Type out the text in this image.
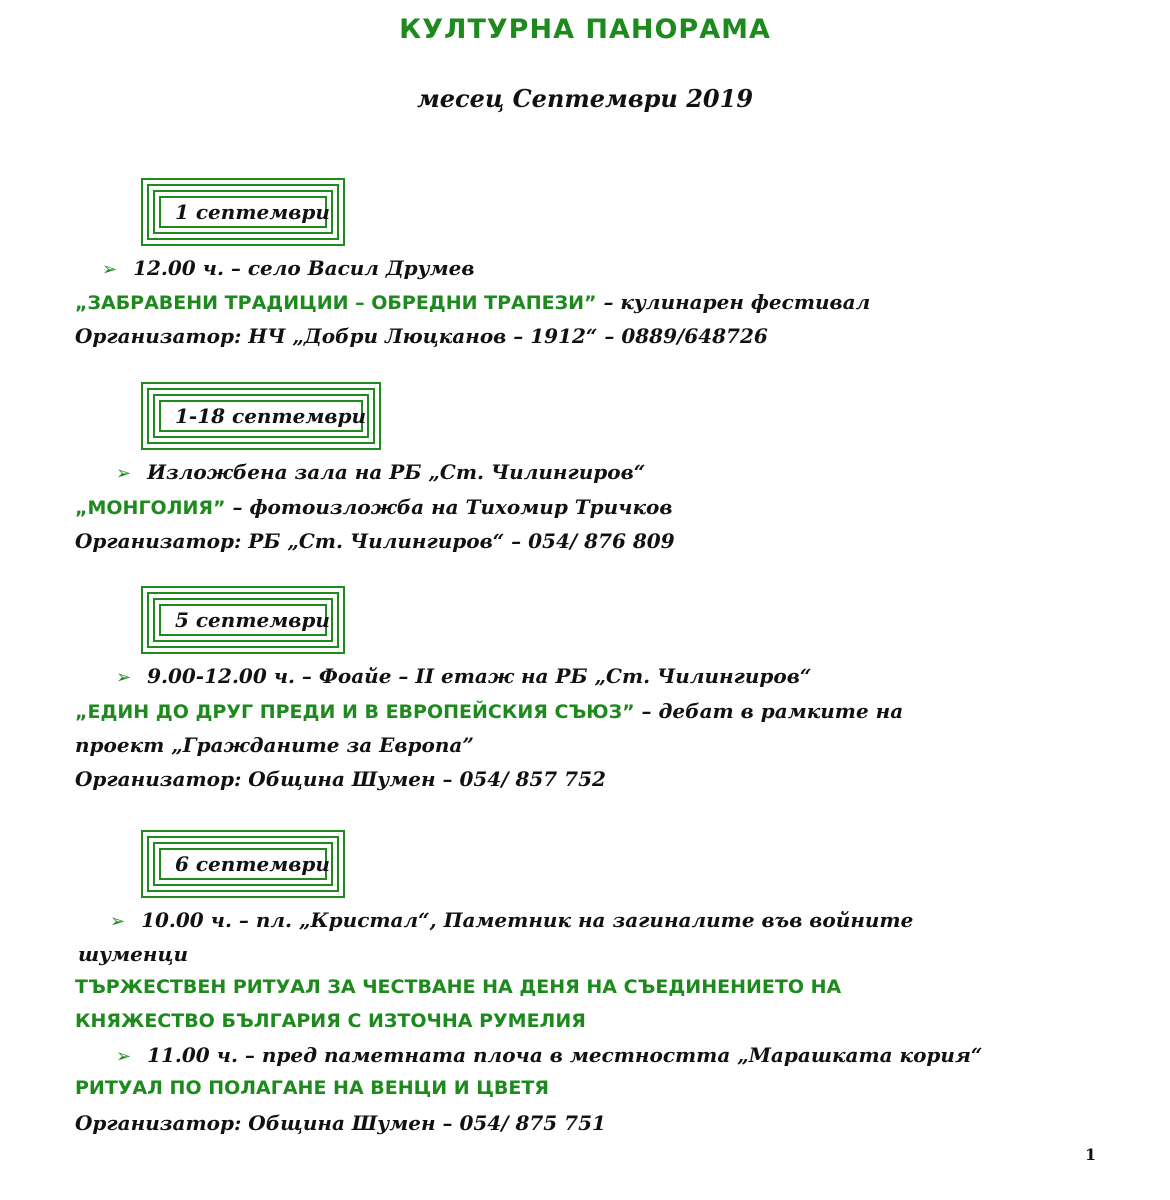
КУЛТУРНА ПАНОРАМА
месец Септември 2019
1 септември
➢ 12.00 ч. – село Васил Друмев
„ЗАБРАВЕНИ ТРАДИЦИИ – ОБРЕДНИ ТРАПЕЗИ” – кулинарен фестивал
Организатор: НЧ „Добри Люцканов – 1912“ – 0889/648726
1-18 септември
➢ Изложбена зала на РБ „Ст. Чилингиров“
„МОНГОЛИЯ” – фотоизложба на Тихомир Тричков
Организатор: РБ „Ст. Чилингиров“ – 054/ 876 809
5 септември
➢ 9.00-12.00 ч. – Фоайе – II етаж на РБ „Ст. Чилингиров“
„ЕДИН ДО ДРУГ ПРЕДИ И В ЕВРОПЕЙСКИЯ СЪЮЗ” – дебат в рамките на
проект „Гражданите за Европа”
Организатор: Община Шумен – 054/ 857 752
6 септември
➢ 10.00 ч. – пл. „Кристал“, Паметник на загиналите във войните
шуменци
ТЪРЖЕСТВЕН РИТУАЛ ЗА ЧЕСТВАНЕ НА ДЕНЯ НА СЪЕДИНЕНИЕТО НА
КНЯЖЕСТВО БЪЛГАРИЯ С ИЗТОЧНА РУМЕЛИЯ
➢ 11.00 ч. – пред паметната плоча в местността „Марашката кория“
РИТУАЛ ПО ПОЛАГАНЕ НА ВЕНЦИ И ЦВЕТЯ
Организатор: Община Шумен – 054/ 875 751
1
